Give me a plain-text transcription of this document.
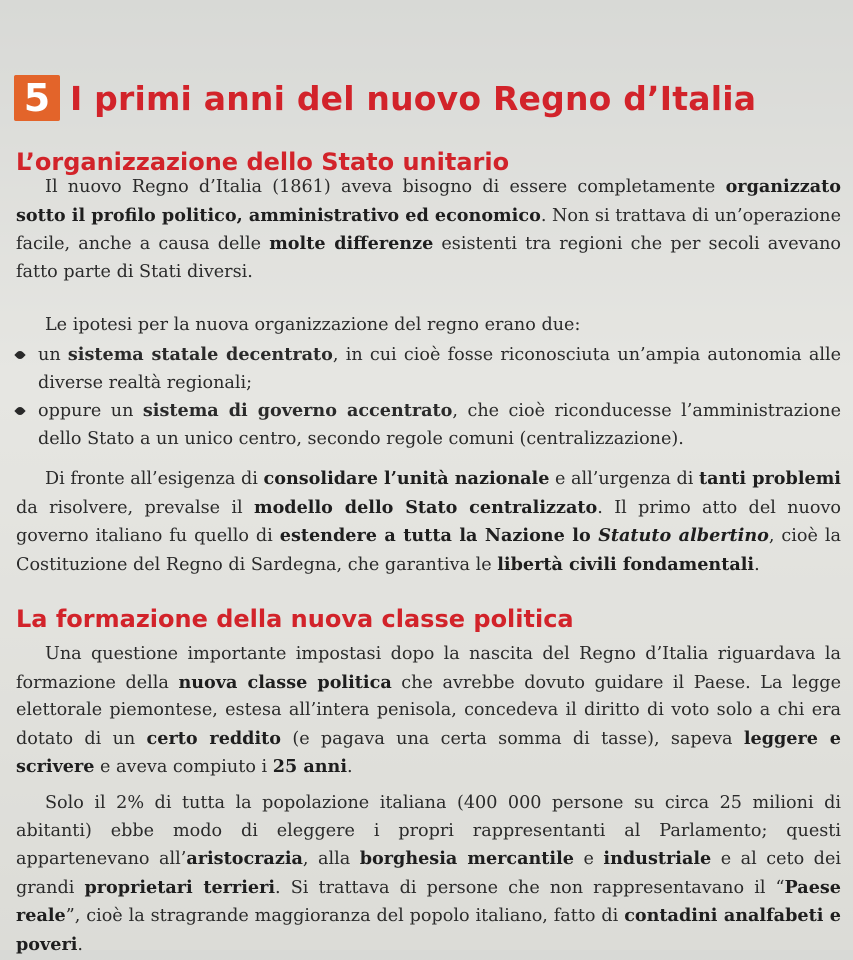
5 I primi anni del nuovo Regno d’Italia
L’organizzazione dello Stato unitario

Il nuovo Regno d’Italia (1861) aveva bisogno di essere completamente organizzato sotto il profilo politico, amministrativo ed economico. Non si trattava di un’operazione facile, anche a causa delle molte differenze esistenti tra regioni che per secoli avevano fatto parte di Stati diversi.

Le ipotesi per la nuova organizzazione del regno erano due:

un sistema statale decentrato, in cui cioè fosse riconosciuta un’ampia autonomia alle diverse realtà regionali;
oppure un sistema di governo accentrato, che cioè riconducesse l’amministrazione dello Stato a un unico centro, secondo regole comuni (centralizzazione).

Di fronte all’esigenza di consolidare l’unità nazionale e all’urgenza di tanti problemi da risolvere, prevalse il modello dello Stato centralizzato. Il primo atto del nuovo governo italiano fu quello di estendere a tutta la Nazione lo Statuto albertino, cioè la Costituzione del Regno di Sardegna, che garantiva le libertà civili fondamentali.

La formazione della nuova classe politica

Una questione importante impostasi dopo la nascita del Regno d’Italia riguardava la formazione della nuova classe politica che avrebbe dovuto guidare il Paese. La legge elettorale piemontese, estesa all’intera penisola, concedeva il diritto di voto solo a chi era dotato di un certo reddito (e pagava una certa somma di tasse), sapeva leggere e scrivere e aveva compiuto i 25 anni.

Solo il 2% di tutta la popolazione italiana (400 000 persone su circa 25 milioni di abitanti) ebbe modo di eleggere i propri rappresentanti al Parlamento; questi appartenevano all’aristocrazia, alla borghesia mercantile e industriale e al ceto dei grandi proprietari terrieri. Si trattava di persone che non rappresentavano il “Paese reale”, cioè la stragrande maggioranza del popolo italiano, fatto di contadini analfabeti e poveri.
